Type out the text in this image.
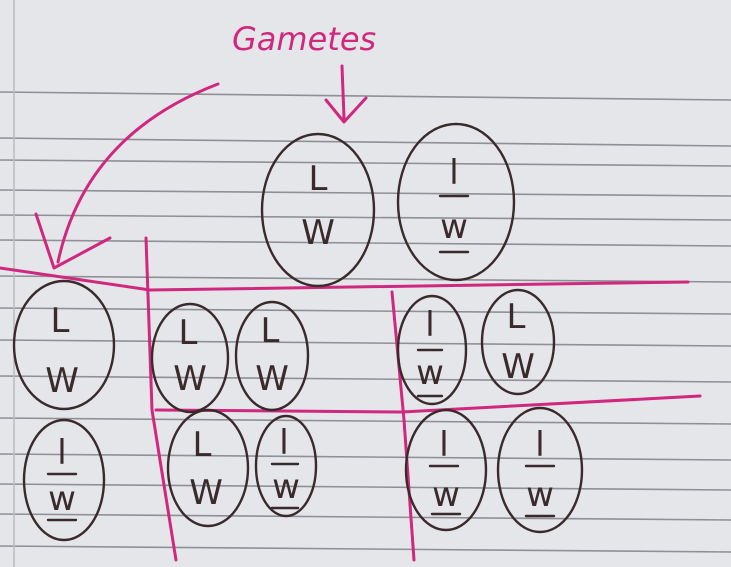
Gametes
L
W
l
w
L
W
l
w
L
W
L
W
l
w
L
W
L
W
l
w
l
w
l
w
